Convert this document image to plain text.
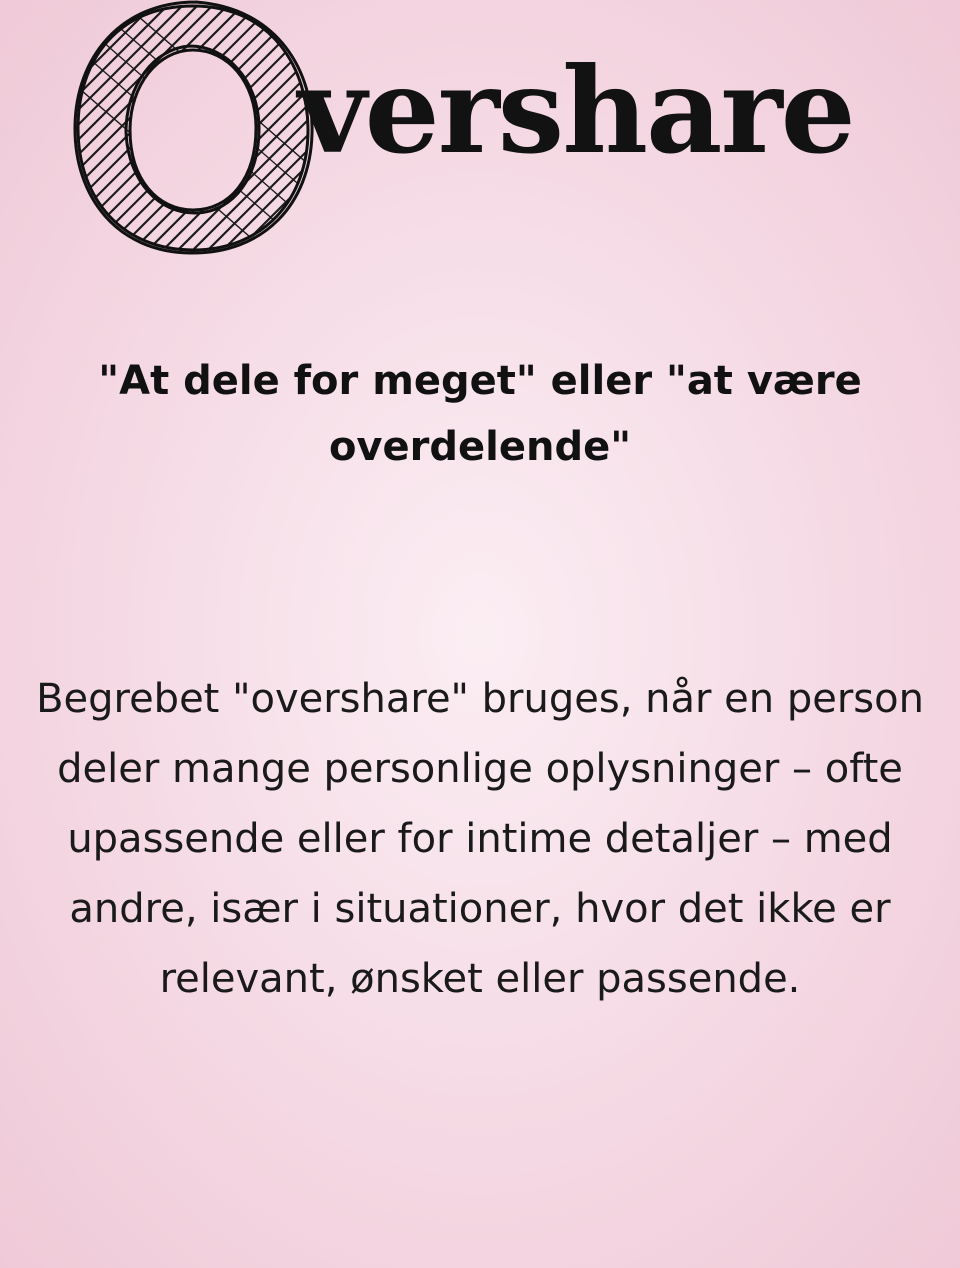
vershare
"At dele for meget" eller "at være overdelende"
Begrebet "overshare" bruges, når en person deler mange personlige oplysninger – ofte upassende eller for intime detaljer – med andre, især i situationer, hvor det ikke er relevant, ønsket eller passende.
